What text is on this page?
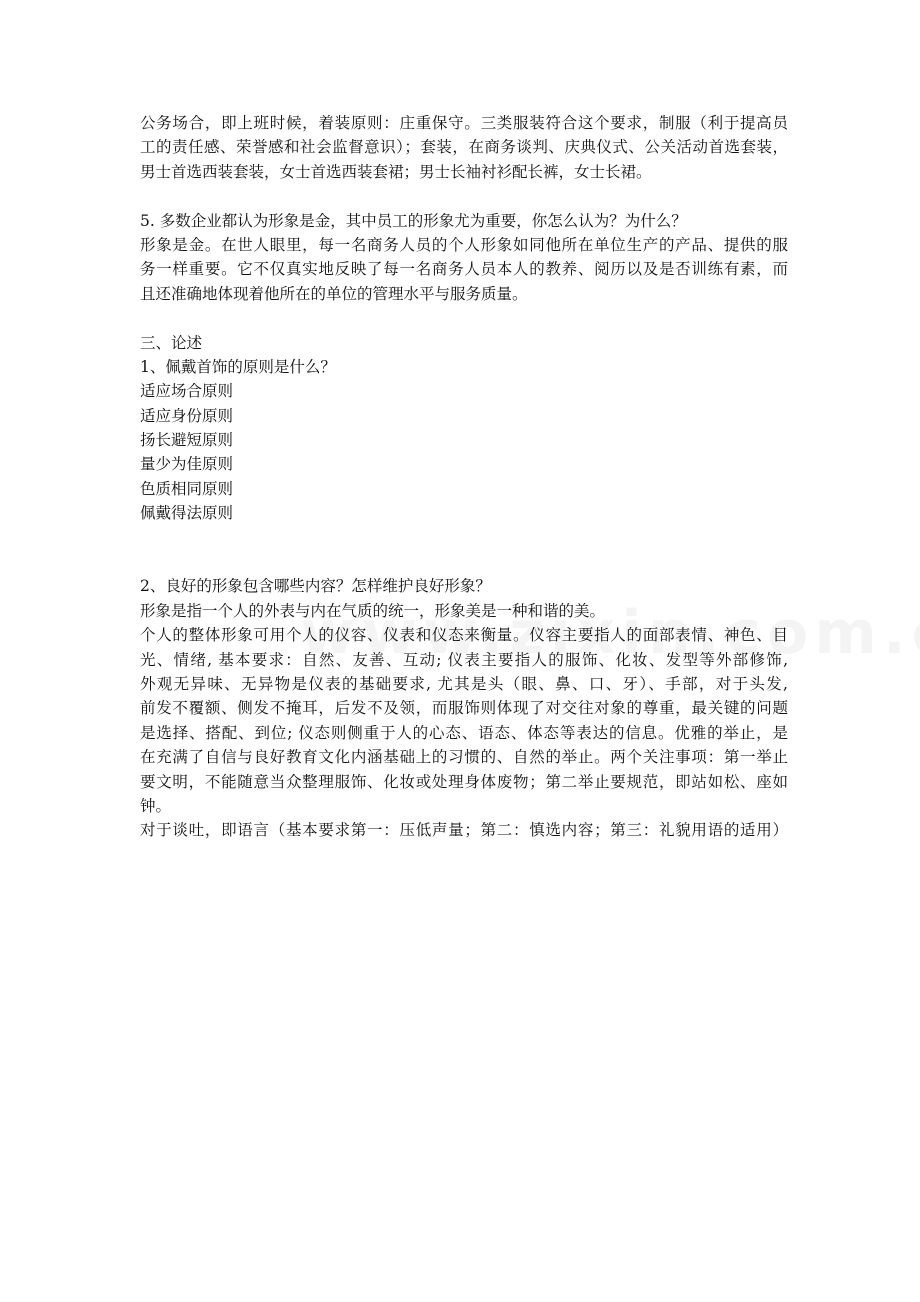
公务场合，即上班时候，着装原则：庄重保守。三类服装符合这个要求，制服（利于提高员
工的责任感、荣誉感和社会监督意识）；套装，在商务谈判、庆典仪式、公关活动首选套装，
男士首选西装套装，女士首选西装套裙；男士长袖衬衫配长裤，女士长裙。
5. 多数企业都认为形象是金，其中员工的形象尤为重要，你怎么认为？为什么？
形象是金。在世人眼里，每一名商务人员的个人形象如同他所在单位生产的产品、提供的服
务一样重要。它不仅真实地反映了每一名商务人员本人的教养、阅历以及是否训练有素，而
且还准确地体现着他所在的单位的管理水平与服务质量。
三、论述
1、佩戴首饰的原则是什么？
适应场合原则
适应身份原则
扬长避短原则
量少为佳原则
色质相同原则
佩戴得法原则
2、良好的形象包含哪些内容？怎样维护良好形象？
形象是指一个人的外表与内在气质的统一，形象美是一种和谐的美。
个人的整体形象可用个人的仪容、仪表和仪态来衡量。仪容主要指人的面部表情、神色、目
光、情绪, 基本要求：自然、友善、互动; 仪表主要指人的服饰、化妆、发型等外部修饰,
外观无异味、无异物是仪表的基础要求, 尤其是头（眼、鼻、口、牙）、手部，对于头发,
前发不覆额、侧发不掩耳，后发不及领，而服饰则体现了对交往对象的尊重，最关键的问题
是选择、搭配、到位; 仪态则侧重于人的心态、语态、体态等表达的信息。优雅的举止，是
在充满了自信与良好教育文化内涵基础上的习惯的、自然的举止。两个关注事项：第一举止
要文明，不能随意当众整理服饰、化妆或处理身体废物；第二举止要规范，即站如松、座如
钟。
对于谈吐，即语言（基本要求第一：压低声量；第二：慎选内容；第三：礼貌用语的适用）
